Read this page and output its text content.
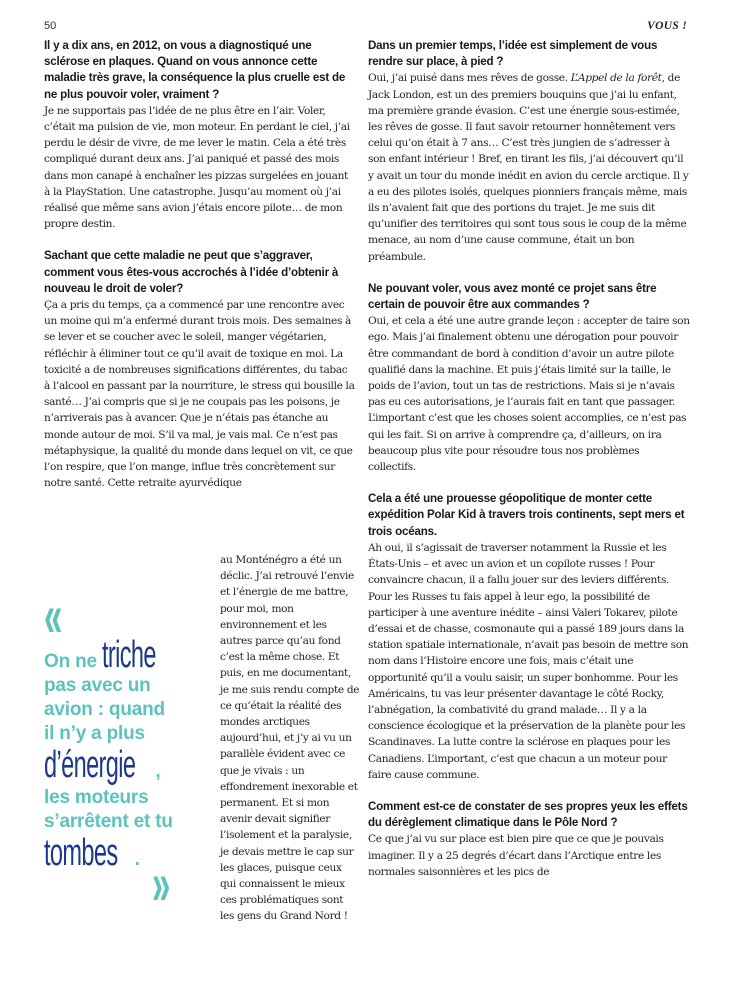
50	VOUS !

Il y a dix ans, en 2012, on vous a diagnostiqué une sclérose en plaques. Quand on vous annonce cette maladie très grave, la conséquence la plus cruelle est de ne plus pouvoir voler, vraiment ?

Je ne supportais pas l’idée de ne plus être en l’air. Voler, c’était ma pulsion de vie, mon moteur. En perdant le ciel, j’ai perdu le désir de vivre, de me lever le matin. Cela a été très compliqué durant deux ans. J’ai paniqué et passé des mois dans mon canapé à enchaîner les pizzas surgelées en jouant à la PlayStation. Une catastrophe. Jusqu’au moment où j’ai réalisé que même sans avion j’étais encore pilote… de mon propre destin.

Sachant que cette maladie ne peut que s’aggraver, comment vous êtes-vous accrochés à l’idée d’obtenir à nouveau le droit de voler?

Ça a pris du temps, ça a commencé par une rencontre avec un moine qui m’a enfermé durant trois mois. Des semaines à se lever et se coucher avec le soleil, manger végétarien, réfléchir à éliminer tout ce qu’il avait de toxique en moi. La toxicité a de nombreuses significations différentes, du tabac à l’alcool en passant par la nourriture, le stress qui bousille la santé… J’ai compris que si je ne coupais pas les poisons, je n’arriverais pas à avancer. Que je n’étais pas étanche au monde autour de moi. S’il va mal, je vais mal. Ce n’est pas métaphysique, la qualité du monde dans lequel on vit, ce que l’on respire, que l’on mange, influe très concrètement sur notre santé. Cette retraite ayurvédique

au Monténégro a été un déclic. J’ai retrouvé l’envie et l’énergie de me battre, pour moi, mon environnement et les autres parce qu’au fond c’est la même chose. Et puis, en me documentant, je me suis rendu compte de ce qu’était la réalité des mondes arctiques aujourd’hui, et j’y ai vu un parallèle évident avec ce que je vivais : un effondrement inexorable et permanent. Et si mon avenir devait signifier l’isolement et la paralysie, je devais mettre le cap sur les glaces, puisque ceux qui connaissent le mieux ces problématiques sont les gens du Grand Nord !

«
On ne triche
pas avec un
avion : quand
il n’y a plus
d’énergie ,
les moteurs
s’arrêtent et tu
tombes . »

Dans un premier temps, l’idée est simplement de vous rendre sur place, à pied ?

Oui, j’ai puisé dans mes rêves de gosse. L’Appel de la forêt, de Jack London, est un des premiers bouquins que j’ai lu enfant, ma première grande évasion. C’est une énergie sous-estimée, les rêves de gosse. Il faut savoir retourner honnêtement vers celui qu’on était à 7 ans… C’est très jungien de s’adresser à son enfant intérieur ! Bref, en tirant les fils, j’ai découvert qu’il y avait un tour du monde inédit en avion du cercle arctique. Il y a eu des pilotes isolés, quelques pionniers français même, mais ils n’avaient fait que des portions du trajet. Je me suis dit qu’unifier des territoires qui sont tous sous le coup de la même menace, au nom d’une cause commune, était un bon préambule.

Ne pouvant voler, vous avez monté ce projet sans être certain de pouvoir être aux commandes ?

Oui, et cela a été une autre grande leçon : accepter de taire son ego. Mais j’ai finalement obtenu une dérogation pour pouvoir être commandant de bord à condition d’avoir un autre pilote qualifié dans la machine. Et puis j’étais limité sur la taille, le poids de l’avion, tout un tas de restrictions. Mais si je n’avais pas eu ces autorisations, je l’aurais fait en tant que passager. L’important c’est que les choses soient accomplies, ce n’est pas qui les fait. Si on arrive à comprendre ça, d’ailleurs, on ira beaucoup plus vite pour résoudre tous nos problèmes collectifs.

Cela a été une prouesse géopolitique de monter cette expédition Polar Kid à travers trois continents, sept mers et trois océans.

Ah oui, il s’agissait de traverser notamment la Russie et les États-Unis – et avec un avion et un copilote russes ! Pour convaincre chacun, il a fallu jouer sur des leviers différents. Pour les Russes tu fais appel à leur ego, la possibilité de participer à une aventure inédite – ainsi Valeri Tokarev, pilote d’essai et de chasse, cosmonaute qui a passé 189 jours dans la station spatiale internationale, n’avait pas besoin de mettre son nom dans l’Histoire encore une fois, mais c’était une opportunité qu’il a voulu saisir, un super bonhomme. Pour les Américains, tu vas leur présenter davantage le côté Rocky, l’abnégation, la combativité du grand malade… Il y a la conscience écologique et la préservation de la planète pour les Scandinaves. La lutte contre la sclérose en plaques pour les Canadiens. L’important, c’est que chacun a un moteur pour faire cause commune.

Comment est-ce de constater de ses propres yeux les effets du dérèglement climatique dans le Pôle Nord ?

Ce que j’ai vu sur place est bien pire que ce que je pouvais imaginer. Il y a 25 degrés d’écart dans l’Arctique entre les normales saisonnières et les pics de
